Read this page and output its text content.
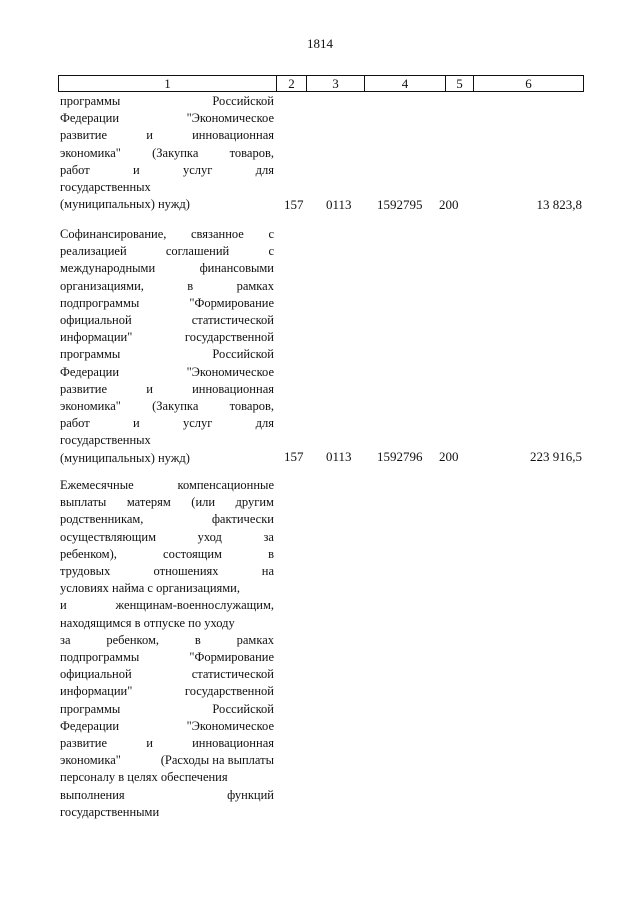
1814
1	2	3	4	5	6
программы	Российской
Федерации	"Экономическое
развитие	и	инновационная
экономика" (Закупка товаров,
работ	и	услуг	для
государственных
(муниципальных) нужд)	157 0113 1592795 200	13 823,8
Софинансирование, связанное с
реализацией	соглашений	с
международными	финансовыми
организациями,	в	рамках
подпрограммы	"Формирование
официальной	статистической
информации"	государственной
программы	Российской
Федерации	"Экономическое
развитие	и	инновационная
экономика" (Закупка товаров,
работ	и	услуг	для
государственных
(муниципальных) нужд)	157 0113 1592796 200	223 916,5
Ежемесячные	компенсационные
выплаты матерям (или другим
родственникам,	фактически
осуществляющим	уход	за
ребенком),	состоящим	в
трудовых	отношениях	на
условиях найма с организациями,
и	женщинам-военнослужащим,
находящимся в отпуске по уходу
за	ребенком,	в	рамках
подпрограммы	"Формирование
официальной	статистической
информации"	государственной
программы	Российской
Федерации	"Экономическое
развитие	и	инновационная
экономика"	(Расходы на выплаты
персоналу в целях обеспечения
выполнения	функций
государственными
